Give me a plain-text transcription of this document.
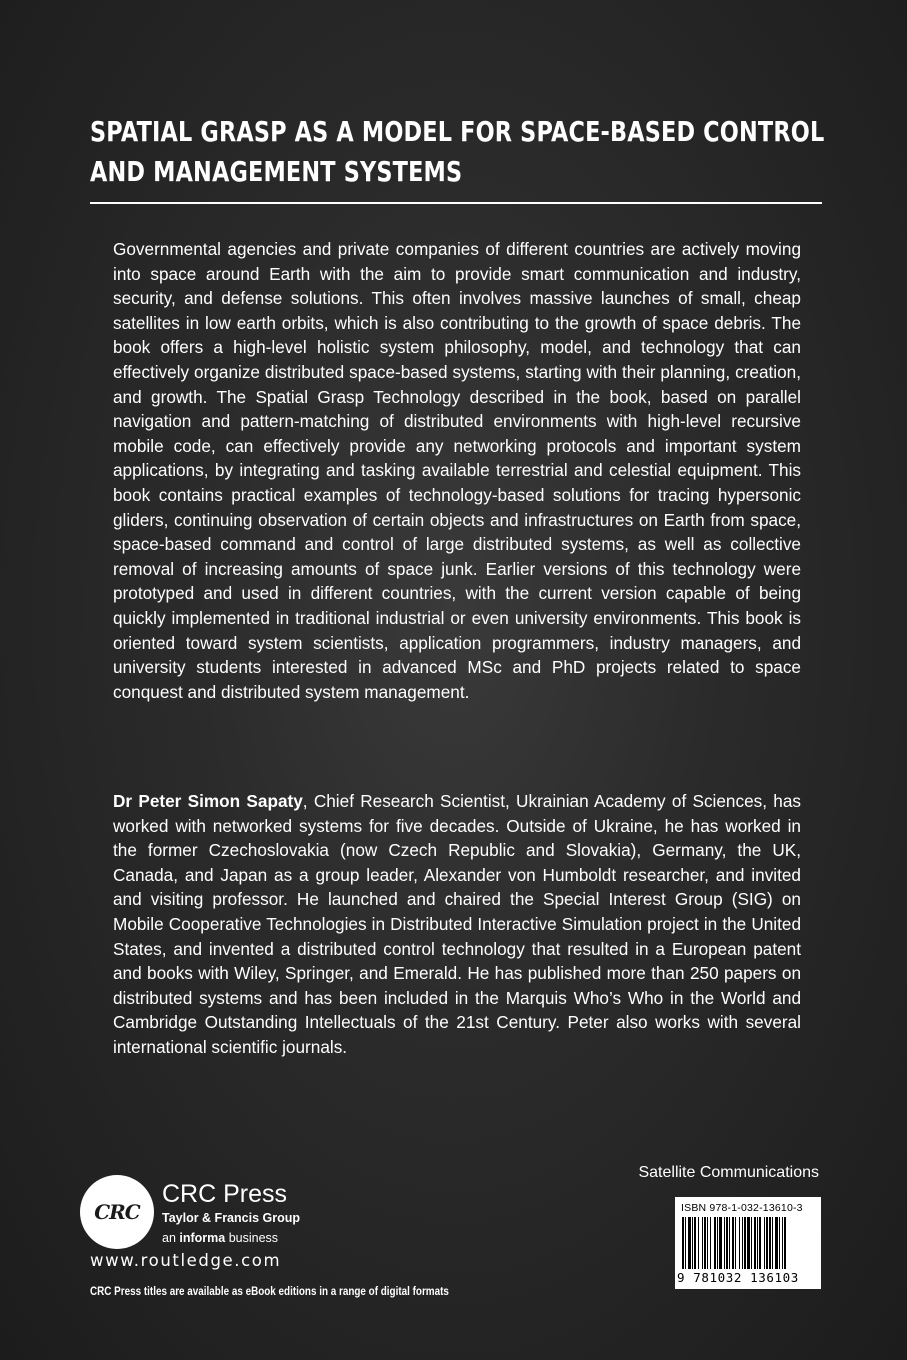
SPATIAL GRASP AS A MODEL FOR SPACE-BASED CONTROL AND MANAGEMENT SYSTEMS

Governmental agencies and private companies of different countries are actively moving into space around Earth with the aim to provide smart communication and industry, security, and defense solutions. This often involves massive launches of small, cheap satellites in low earth orbits, which is also contributing to the growth of space debris. The book offers a high-level holistic system philosophy, model, and technology that can effectively organize distributed space-based systems, starting with their planning, creation, and growth. The Spatial Grasp Technology described in the book, based on parallel navigation and pattern-matching of distributed environments with high-level recursive mobile code, can effectively provide any networking protocols and important system applications, by integrating and tasking available terrestrial and celestial equipment. This book contains practical examples of technology-based solutions for tracing hypersonic gliders, continuing observation of certain objects and infrastructures on Earth from space, space-based command and control of large distributed systems, as well as collective removal of increasing amounts of space junk. Earlier versions of this technology were prototyped and used in different countries, with the current version capable of being quickly implemented in traditional industrial or even university environments. This book is oriented toward system scientists, application programmers, industry managers, and university students interested in advanced MSc and PhD projects related to space conquest and distributed system management.

Dr Peter Simon Sapaty, Chief Research Scientist, Ukrainian Academy of Sciences, has worked with networked systems for five decades. Outside of Ukraine, he has worked in the former Czechoslovakia (now Czech Republic and Slovakia), Germany, the UK, Canada, and Japan as a group leader, Alexander von Humboldt researcher, and invited and visiting professor. He launched and chaired the Special Interest Group (SIG) on Mobile Cooperative Technologies in Distributed Interactive Simulation project in the United States, and invented a distributed control technology that resulted in a European patent and books with Wiley, Springer, and Emerald. He has published more than 250 papers on distributed systems and has been included in the Marquis Who’s Who in the World and Cambridge Outstanding Intellectuals of the 21st Century. Peter also works with several international scientific journals.

Satellite Communications

CRC

CRC Press

Taylor & Francis Group

an informa business

www.routledge.com

CRC Press titles are available as eBook editions in a range of digital formats

ISBN 978-1-032-13610-3

9 781032 136103
